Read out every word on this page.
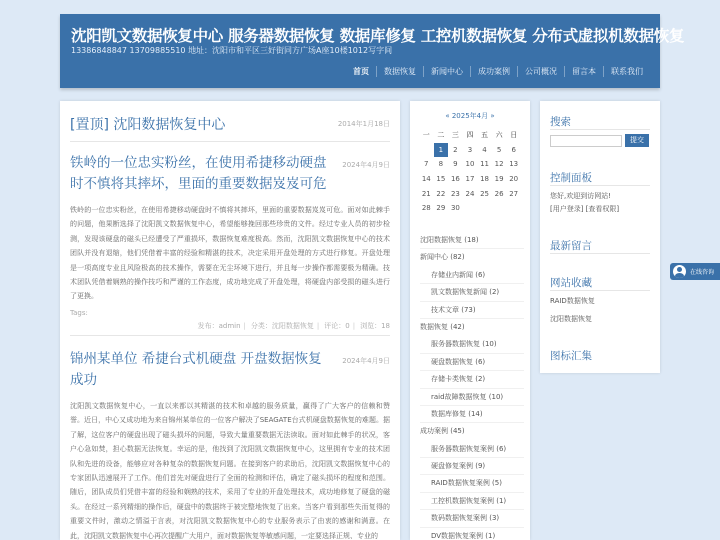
沈阳凯文数据恢复中心 服务器数据恢复 数据库修复 工控机数据恢复 分布式虚拟机数据恢复
13386848847 13709885510 地址：沈阳市和平区三好街同方广场A座10楼1012写字间
首页	数据恢复	新闻中心	成功案例	公司概况	留言本	联系我们
[置顶] 沈阳数据恢复中心	2014年1月18日
铁岭的一位忠实粉丝，在使用希捷移动硬盘时不慎将其摔坏，里面的重要数据岌岌可危
2024年4月9日
铁岭的一位忠实粉丝，在使用希捷移动硬盘时不慎将其摔坏，里面的重要数据岌岌可危。面对如此棘手的问题，他果断选择了沈阳凯文数据恢复中心，希望能够挽回那些珍贵的文件。经过专业人员的初步检测，发现该硬盘的磁头已经遭受了严重损坏，数据恢复难度极高。然而，沈阳凯文数据恢复中心的技术团队并没有退缩，他们凭借着丰富的经验和精湛的技术，决定采用开盘处理的方式进行修复。开盘处理是一项高度专业且风险极高的技术操作，需要在无尘环境下进行，并且每一步操作都需要极为精确。技术团队凭借着娴熟的操作技巧和严谨的工作态度，成功地完成了开盘处理，将硬盘内部受损的磁头进行了更换。
Tags:
发布：admin | 分类：沈阳数据恢复 | 评论：0 | 浏览：18
锦州某单位 希捷台式机硬盘 开盘数据恢复成功
2024年4月9日
沈阳凯文数据恢复中心，一直以来都以其精湛的技术和卓越的服务质量，赢得了广大客户的信赖和赞誉。近日，中心又成功地为来自锦州某单位的一位客户解决了SEAGATE台式机硬盘数据恢复的难题。据了解，这位客户的硬盘出现了磁头损坏的问题，导致大量重要数据无法读取。面对如此棘手的状况，客户心急如焚，担心数据无法恢复。幸运的是，他找到了沈阳凯文数据恢复中心，这里拥有专业的技术团队和先进的设备，能够应对各种复杂的数据恢复问题。在接到客户的求助后，沈阳凯文数据恢复中心的专家团队迅速展开了工作。他们首先对硬盘进行了全面的检测和评估，确定了磁头损坏的程度和范围。随后，团队成员们凭借丰富的经验和娴熟的技术，采用了专业的开盘处理技术，成功地修复了硬盘的磁头。在经过一系列精细的操作后，硬盘中的数据终于被完整地恢复了出来。当客户看到那些失而复得的重要文件时，激动之情溢于言表，对沈阳凯文数据恢复中心的专业服务表示了由衷的感谢和满意。在此，沈阳凯文数据恢复中心再次提醒广大用户，面对数据恢复等敏感问题，一定要选择正规、专业的
« 2025年4月 »
一	二	三	四	五	六	日
	1	2	3	4	5	6
7	8	9	10	11	12	13
14	15	16	17	18	19	20
21	22	23	24	25	26	27
28	29	30				
沈阳数据恢复 (18)
新闻中心 (82)
存储业内新闻 (6)
凯文数据恢复新闻 (2)
技术文章 (73)
数据恢复 (42)
服务器数据恢复 (10)
硬盘数据恢复 (6)
存储卡类恢复 (2)
raid故障数据恢复 (10)
数据库修复 (14)
成功案例 (45)
服务器数据恢复案例 (6)
硬盘修复案例 (9)
RAID数据恢复案例 (5)
工控机数据恢复案例 (1)
数码数据恢复案例 (3)
DV数据恢复案例 (1)
搜索
提交
控制面板
您好,欢迎到访网站!
[用户登录] [查看权限]
最新留言
网站收藏
RAID数据恢复
沈阳数据恢复
图标汇集
在线咨询
